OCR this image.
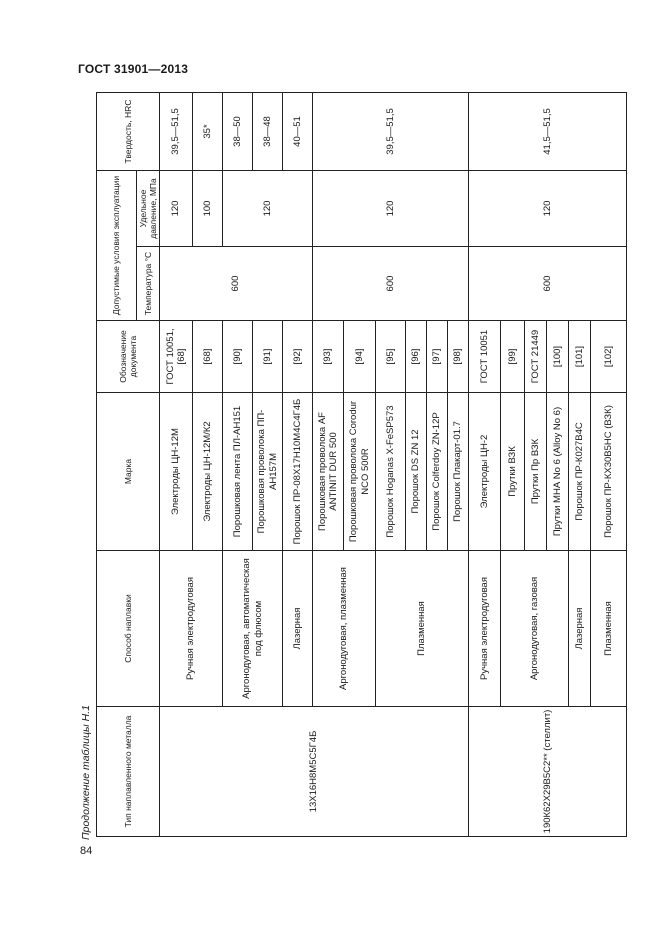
ГОСТ 31901—2013
84
Продолжение таблицы Н.1	Тип наплавленного металла	Способ наплавки	Марка	Обозначение документа	Допустимые условия эксплуатации		Твердость, HRC
				Температура °С	Удельное давление, МПа	
13Х16Н8М5С5Г4Б	Ручная электродуговая	Электроды ЦН-12М	ГОСТ 10051, [68]	600	120	39,5—51,5
		Электроды ЦН-12М/К2	[68]		100	35*
	Аргонодуговая, автоматическая под флюсом	Порошковая лента ПЛ-АН151	[90]		120	38—50
		Порошковая проволока ПП-АН157М	[91]			38—48
	Лазерная	Порошок ПР-08Х17Н10М4С4Г4Б	[92]			40—51
	Аргонодуговая, плазменная	Порошковая проволока AF ANTINIT DUR 500	[93]	600	120	39,5—51,5
		Порошковая проволока Corodur NCO 500R	[94]			
	Плазменная	Порошок Hoganas X-FeSP573	[95]			
		Порошок DS ZN 12	[96]			
		Порошок Colferdoy ZN-12P	[97]			
		Порошок Плакарт-01.7	[98]			
190К62Х29В5С2** (стеллит)	Ручная электродуговая	Электроды ЦН-2	ГОСТ 10051	600	120	41,5—51,5
	Аргонодуговая, газовая	Прутки ВЗК	[99]			
		Прутки Пр ВЗК	ГОСТ 21449			
		Прутки МНА No 6 (Alloy No 6)	[100]			
	Лазерная	Порошок ПР-К027В4С	[101]			
	Плазменная	Порошок ПР-КХ30В5НС (ВЗК)	[102]			
